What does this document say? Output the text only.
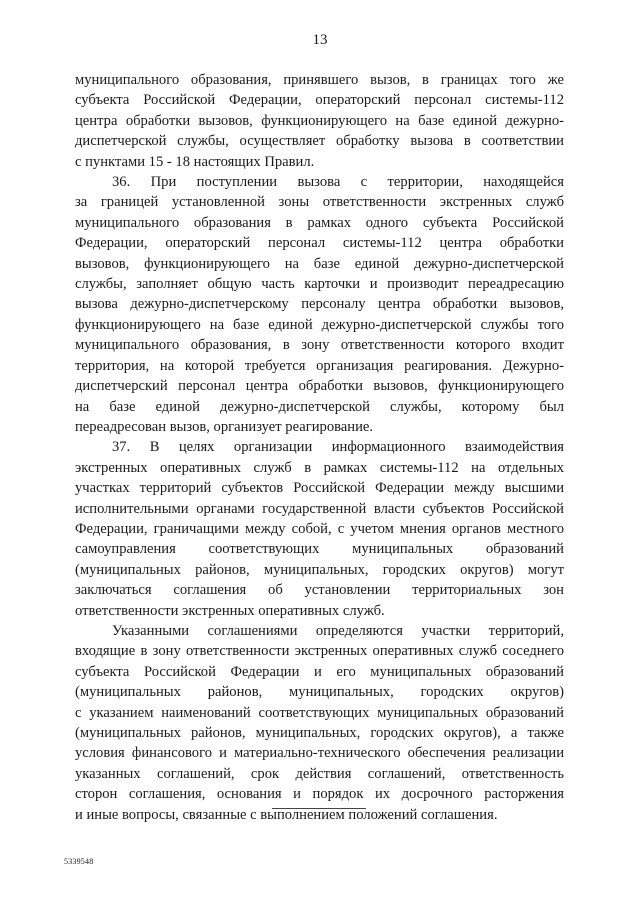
13
муниципального образования, принявшего вызов, в границах того же
субъекта Российской Федерации, операторский персонал системы-112
центра обработки вызовов, функционирующего на базе единой дежурно-
диспетчерской службы, осуществляет обработку вызова в соответствии
с пунктами 15 - 18 настоящих Правил.
36. При поступлении вызова с территории, находящейся
за границей установленной зоны ответственности экстренных служб
муниципального образования в рамках одного субъекта Российской
Федерации, операторский персонал системы-112 центра обработки
вызовов, функционирующего на базе единой дежурно-диспетчерской
службы, заполняет общую часть карточки и производит переадресацию
вызова дежурно-диспетчерскому персоналу центра обработки вызовов,
функционирующего на базе единой дежурно-диспетчерской службы того
муниципального образования, в зону ответственности которого входит
территория, на которой требуется организация реагирования. Дежурно-
диспетчерский персонал центра обработки вызовов, функционирующего
на базе единой дежурно-диспетчерской службы, которому был
переадресован вызов, организует реагирование.
37. В целях организации информационного взаимодействия
экстренных оперативных служб в рамках системы-112 на отдельных
участках территорий субъектов Российской Федерации между высшими
исполнительными органами государственной власти субъектов Российской
Федерации, граничащими между собой, с учетом мнения органов местного
самоуправления соответствующих муниципальных образований
(муниципальных районов, муниципальных, городских округов) могут
заключаться соглашения об установлении территориальных зон
ответственности экстренных оперативных служб.
Указанными соглашениями определяются участки территорий,
входящие в зону ответственности экстренных оперативных служб соседнего
субъекта Российской Федерации и его муниципальных образований
(муниципальных районов, муниципальных, городских округов)
с указанием наименований соответствующих муниципальных образований
(муниципальных районов, муниципальных, городских округов), а также
условия финансового и материально-технического обеспечения реализации
указанных соглашений, срок действия соглашений, ответственность
сторон соглашения, основания и порядок их досрочного расторжения
и иные вопросы, связанные с выполнением положений соглашения.
5339548
